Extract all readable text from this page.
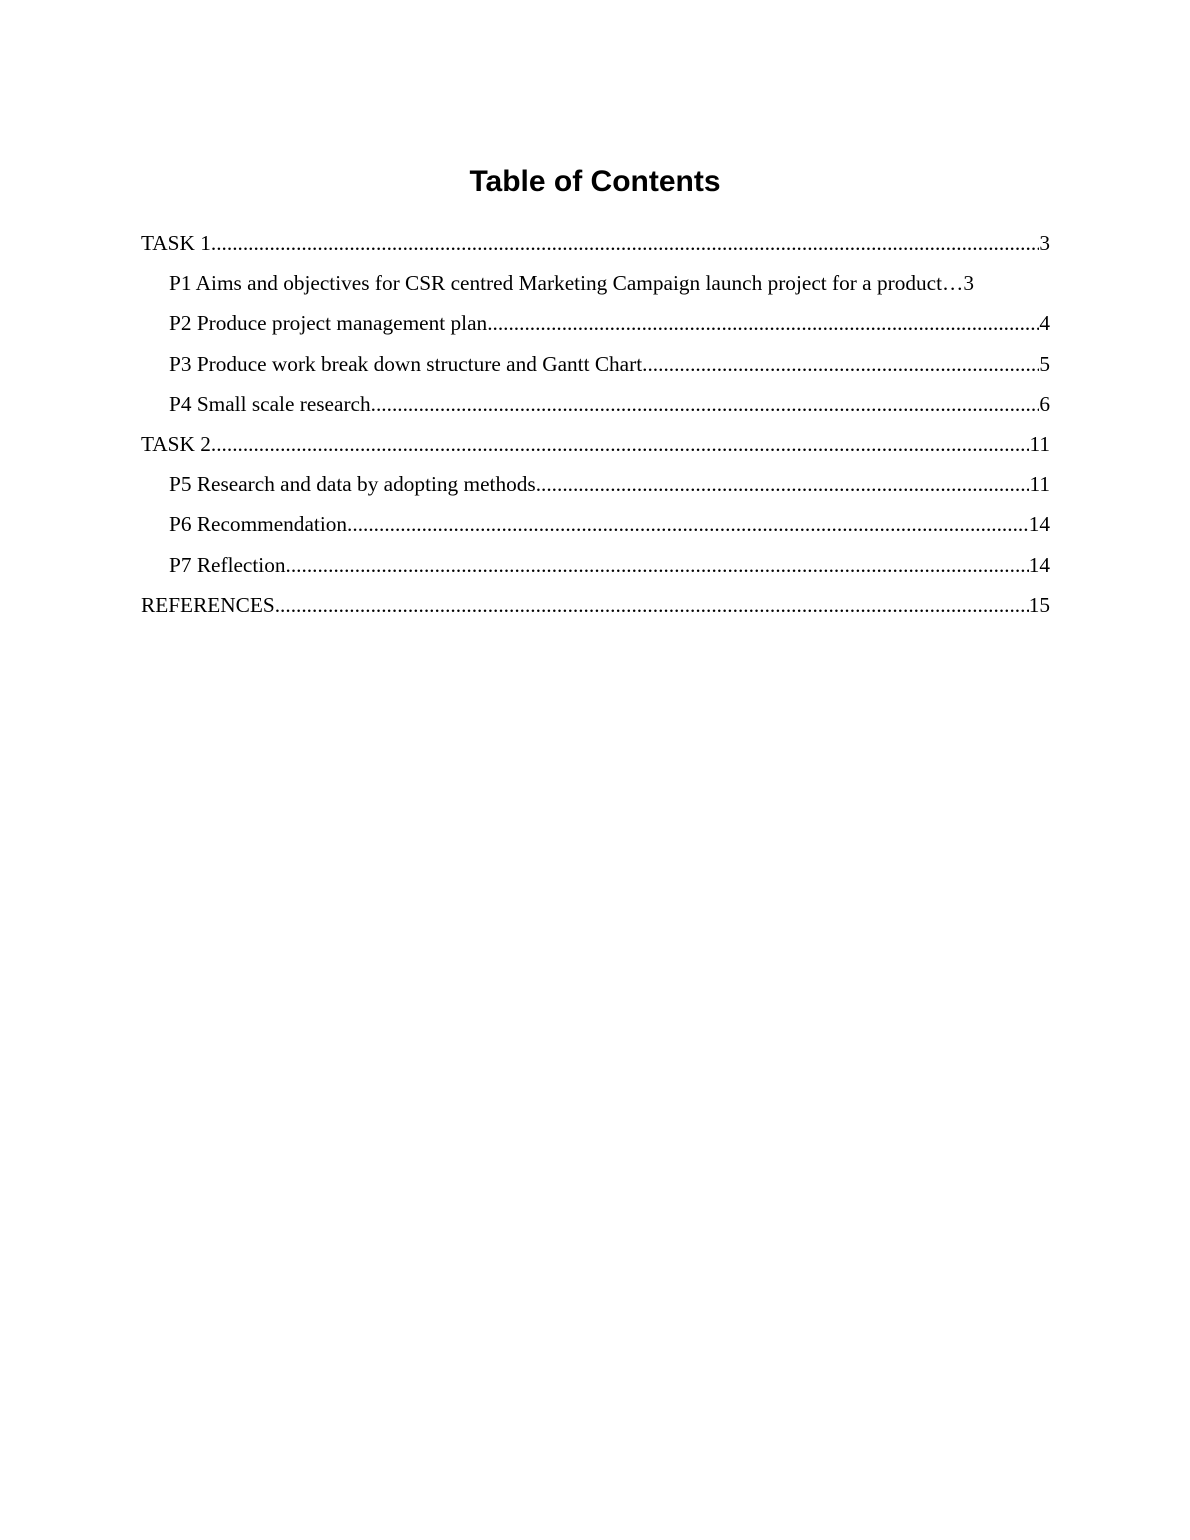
Table of Contents
TASK 1 .....	3
P1 Aims and objectives for CSR centred Marketing Campaign launch project for a product … 3
P2 Produce project management plan .....	4
P3 Produce work break down structure and Gantt Chart .....	5
P4 Small scale research .....	6
TASK 2 .....	11
P5 Research and data by adopting methods .....	11
P6 Recommendation .....	14
P7 Reflection .....	14
REFERENCES .....	15
